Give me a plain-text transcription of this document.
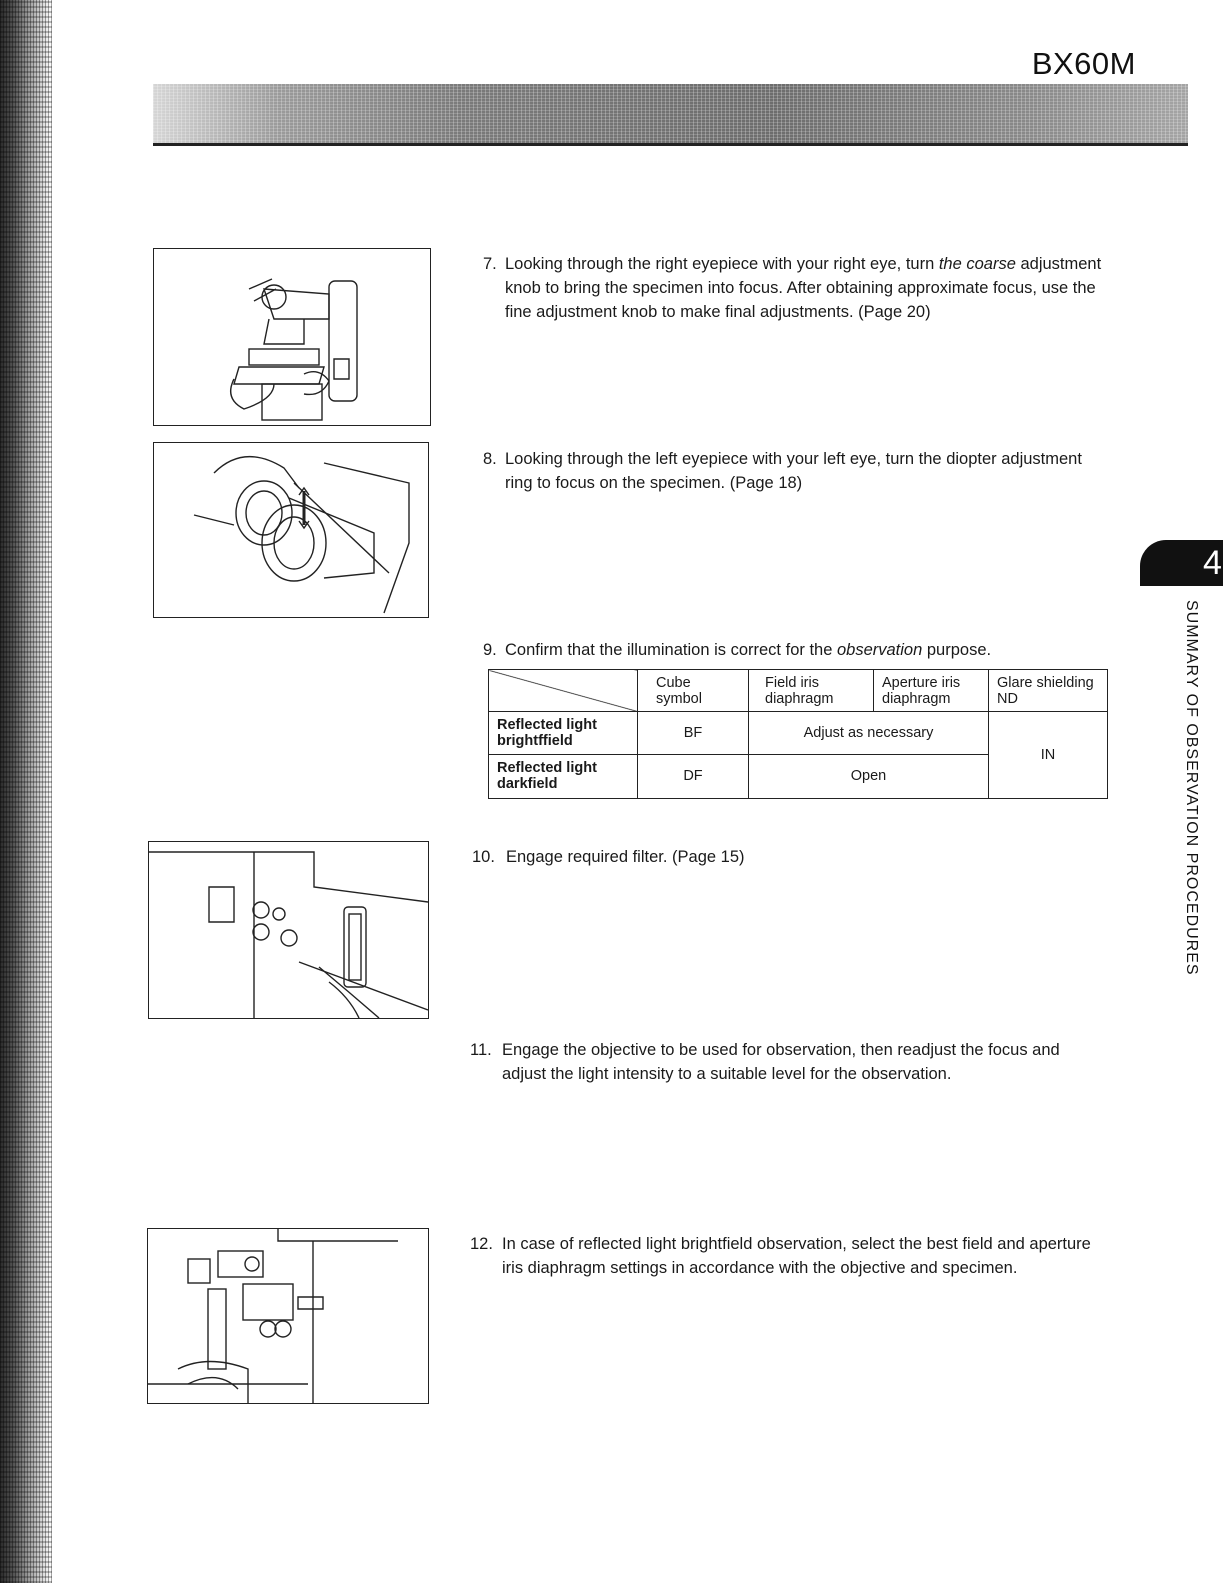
BX60M
7. Looking through the right eyepiece with your right eye, turn the coarse adjustment knob to bring the specimen into focus. After obtaining approximate focus, use the fine adjustment knob to make final adjustments. (Page 20)
8. Looking through the left eyepiece with your left eye, turn the diopter adjustment ring to focus on the specimen. (Page 18)
9. Confirm that the illumination is correct for the observation purpose.
	Cube symbol	Field iris diaphragm	Aperture iris diaphragm	Glare shielding ND
Reflected light brightffield	BF	Adjust as necessary		IN
Reflected light darkfield	DF	Open		
10. Engage required filter. (Page 15)
11. Engage the objective to be used for observation, then readjust the focus and adjust the light intensity to a suitable level for the observation.
12. In case of reflected light brightfield observation, select the best field and aperture iris diaphragm settings in accordance with the objective and specimen.
4
SUMMARY OF OBSERVATION PROCEDURES
